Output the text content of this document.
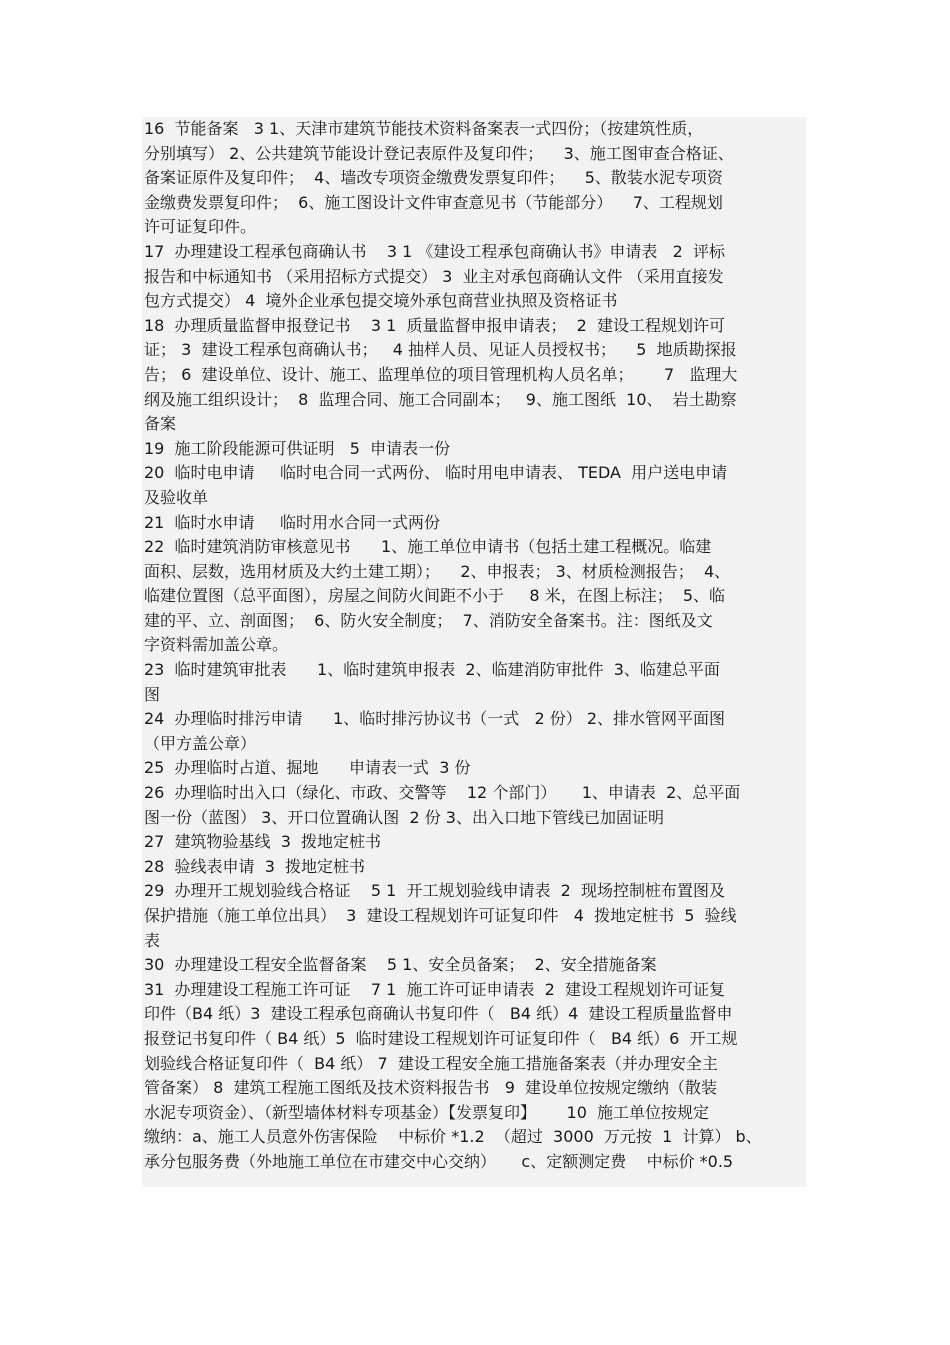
16  节能备案   3 1、天津市建筑节能技术资料备案表一式四份；（按建筑性质，
分别填写） 2、公共建筑节能设计登记表原件及复印件；    3、施工图审查合格证、
备案证原件及复印件；  4、墙改专项资金缴费发票复印件；    5、散装水泥专项资
金缴费发票复印件；  6、施工图设计文件审查意见书（节能部分）    7、工程规划
许可证复印件。
17  办理建设工程承包商确认书    3 1 《建设工程承包商确认书》申请表   2  评标
报告和中标通知书 （采用招标方式提交） 3  业主对承包商确认文件 （采用直接发
包方式提交） 4  境外企业承包提交境外承包商营业执照及资格证书
18  办理质量监督申报登记书    3 1  质量监督申报申请表；  2  建设工程规划许可
证； 3  建设工程承包商确认书；   4 抽样人员、见证人员授权书；    5  地质勘探报
告； 6  建设单位、设计、施工、监理单位的项目管理机构人员名单；      7   监理大
纲及施工组织设计；  8  监理合同、施工合同副本；   9、施工图纸  10、  岩土勘察
备案
19  施工阶段能源可供证明   5  申请表一份
20  临时电申请     临时电合同一式两份、 临时用电申请表、 TEDA  用户送电申请
及验收单
21  临时水申请     临时用水合同一式两份
22  临时建筑消防审核意见书      1、施工单位申请书（包括土建工程概况。临建
面积、层数，选用材质及大约土建工期）；    2、申报表； 3、材质检测报告；  4、
临建位置图（总平面图），房屋之间防火间距不小于     8 米，在图上标注；  5、临
建的平、立、剖面图；  6、防火安全制度；  7、消防安全备案书。注：图纸及文
字资料需加盖公章。
23  临时建筑审批表      1、临时建筑申报表  2、临建消防审批件  3、临建总平面
图
24  办理临时排污申请      1、临时排污协议书（一式   2 份） 2、排水管网平面图
（甲方盖公章）
25  办理临时占道、掘地      申请表一式  3 份
26  办理临时出入口（绿化、市政、交警等    12 个部门）     1、申请表  2、总平面
图一份（蓝图） 3、开口位置确认图  2 份 3、出入口地下管线已加固证明
27  建筑物验基线  3  拨地定桩书
28  验线表申请  3  拨地定桩书
29  办理开工规划验线合格证    5 1  开工规划验线申请表  2  现场控制桩布置图及
保护措施（施工单位出具）  3  建设工程规划许可证复印件   4  拨地定桩书  5  验线
表
30  办理建设工程安全监督备案    5 1、安全员备案；  2、安全措施备案
31  办理建设工程施工许可证    7 1  施工许可证申请表  2  建设工程规划许可证复
印件（B4 纸）3  建设工程承包商确认书复印件（   B4 纸）4  建设工程质量监督申
报登记书复印件（ B4 纸）5  临时建设工程规划许可证复印件（   B4 纸）6  开工规
划验线合格证复印件（  B4 纸） 7  建设工程安全施工措施备案表（并办理安全主
管备案） 8  建筑工程施工图纸及技术资料报告书   9  建设单位按规定缴纳（散装
水泥专项资金）、（新型墙体材料专项基金）【发票复印】      10  施工单位按规定
缴纳：a、施工人员意外伤害保险    中标价 *1.2  （超过  3000  万元按  1  计算） b、
承分包服务费（外地施工单位在市建交中心交纳）     c、定额测定费    中标价 *0.5
